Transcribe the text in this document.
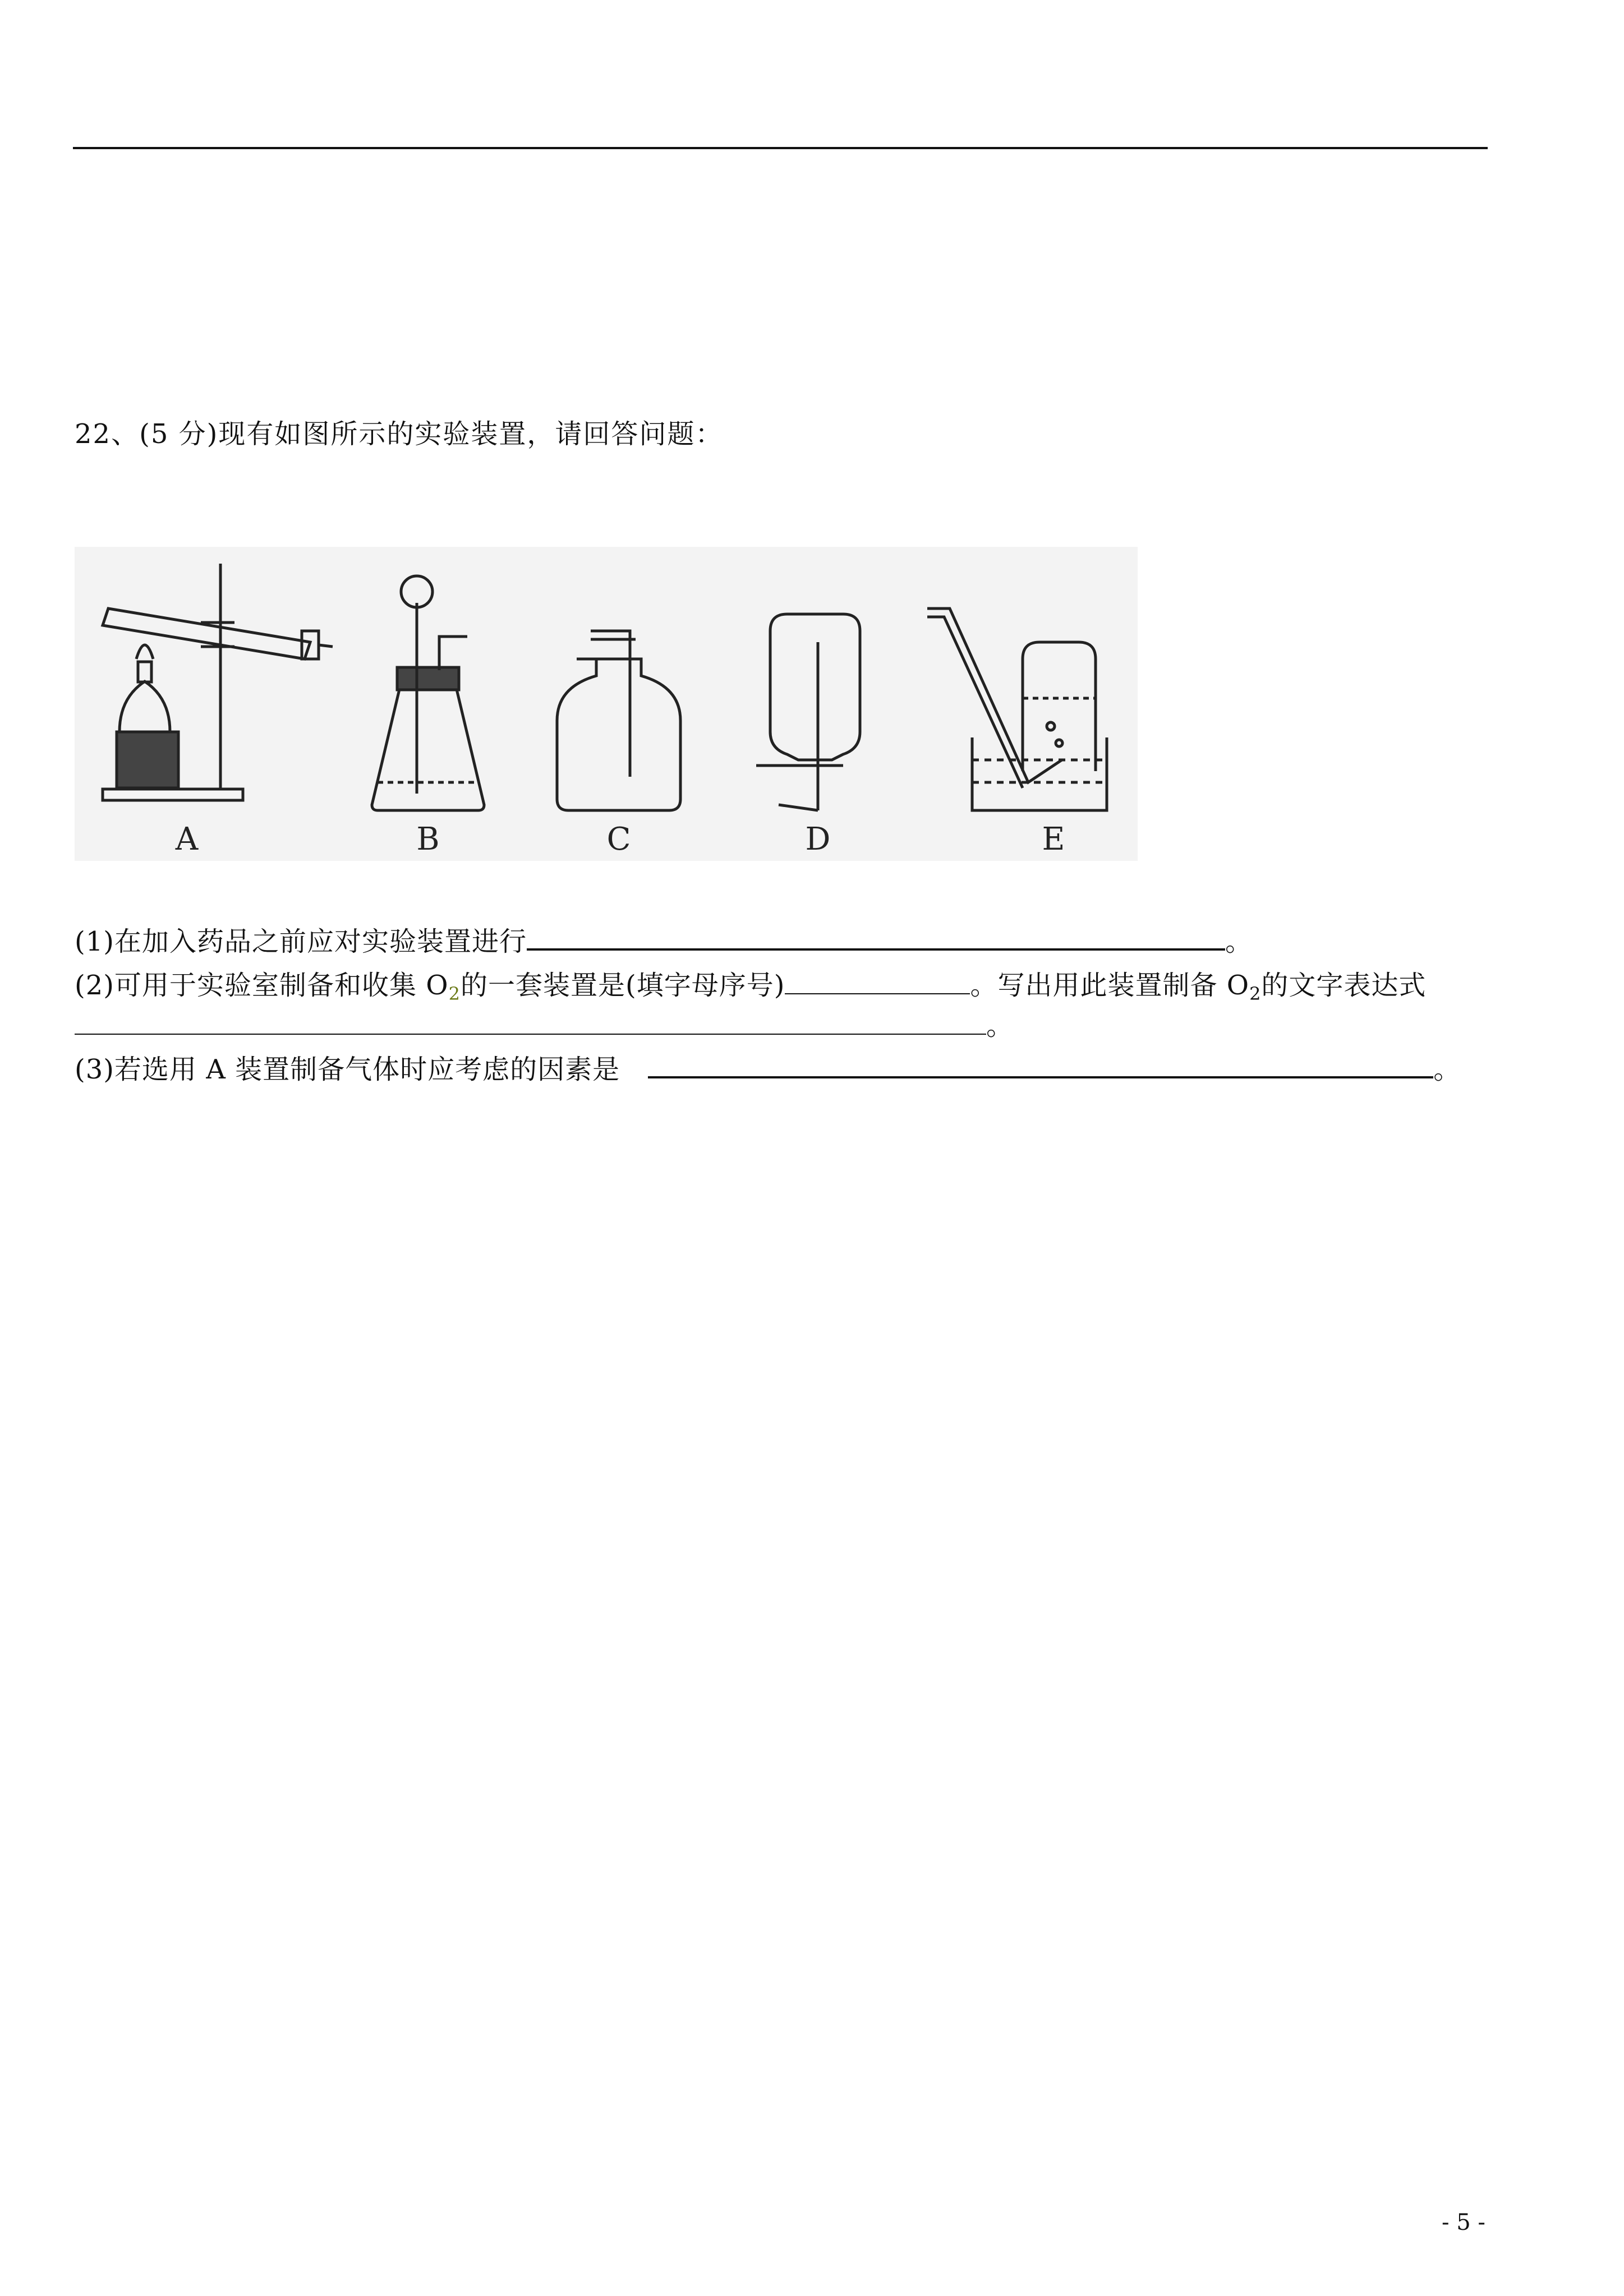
22、(5 分)现有如图所示的实验装置，请回答问题：
A	B	C	D	E
(1)在加入药品之前应对实验装置进行	。
(2)可用于实验室制备和收集 $O_2$的一套装置是(填字母序号)	。写出用此装置制备 $O_2$的文字表达式
。
(3)若选用 A 装置制备气体时应考虑的因素是	。
- 5 -
